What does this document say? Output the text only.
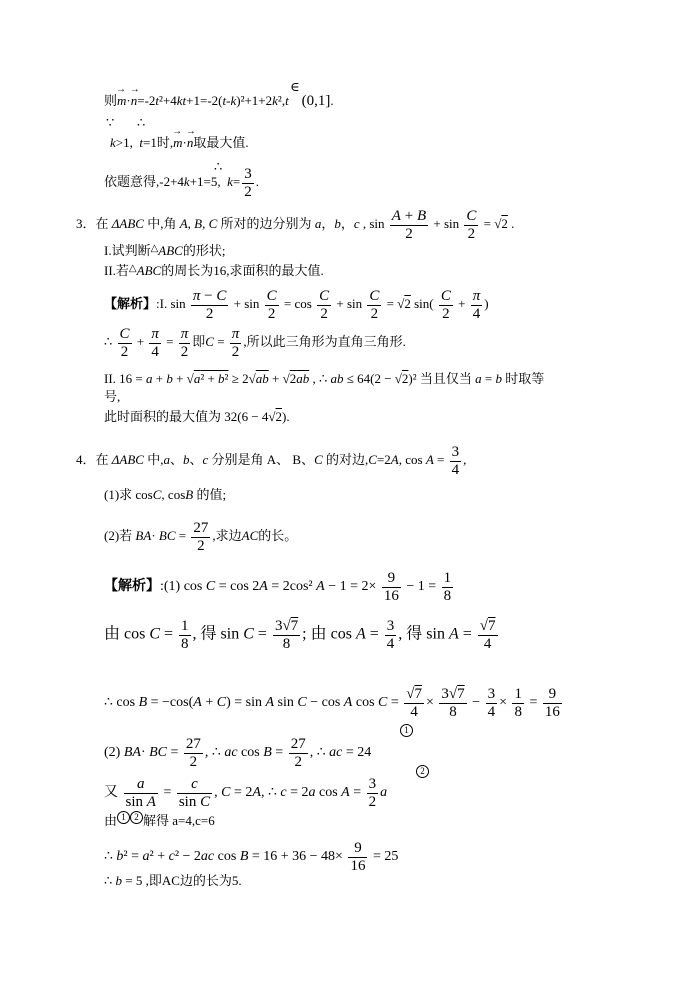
则→ m·→ n=-2t²+4kt+1=-2(t-k)²+1+2k²,t ∈(0,1].
∵       ∴
k>1,  t=1时,→ m·→ n取最大值.
∴
依题意得,-2+4k+1=5,  $k= \frac{3}{2}$ .
3．在 ΔABC 中,角 A, B, C 所对的边分别为 a，b，c , $\sin \frac{A + B}{2} + \sin \frac{C}{2} = √2$ .
I.试判断△ABC的形状;
II.若△ABC的周长为16,求面积的最大值.
【解析】:I. $\sin \frac{\pi - C}{2} + \sin \frac{C}{2} = \cos \frac{C}{2} + \sin \frac{C}{2} = √2$ $\sin( \frac{C}{2} + \frac{\pi}{4}$ )
∴ $\frac{C}{2} + \frac{\pi}{4} = \frac{\pi}{2}$ 即$C = \frac{\pi}{2}$ ,所以此三角形为直角三角形.
II. 16 = a + b + √a² + b² ≥ 2√ab + √2ab , ∴ ab ≤ 64(2 − √2)² 当且仅当 a = b 时取等
号,
此时面积的最大值为 32(6 − 4√2).
4．在 ΔABC 中,a、b、c 分别是角 A、 B、C 的对边,C=2A, $\cos A = \frac{3}{4}$ ,
(1)求 cosC, cosB 的值;
(2)若 BA· BC = $\frac{27}{2}$ ,求边AC的长。
【解析】:(1) cos C = cos 2A = 2cos² $A - 1 = 2\times \frac{9}{16} - 1 = \frac{1}{8}$
由 $\cos C = \frac{1}{8}$ , 得 $\sin C = \frac{3√7}{8}$ ; 由 $\cos A = \frac{3}{4}$ , 得 $\sin A = \frac{√7}{4}$
∴ cos B = −cos(A + C) = sin A sin C − cos A $\cos C = \frac{√7}{4} \times \frac{3√7}{8} - \frac{3}{4} \times \frac{1}{8} = \frac{9}{16}$
(2) BA· BC = $\frac{27}{2}$ , ∴ ac $\cos B = \frac{27}{2}$ , ∴ ac = 24
1
又 $\frac{a}{\text{sin A}} = \frac{c}{\text{sin C}}$ , C = 2A, ∴ c = 2a $\cos A = \frac{3}{2}$ a
2
由 1 2 解得 a=4,c=6
∴ b² = a² + c² − 2ac $\cos B = 16 + 36 - 48\times \frac{9}{16} = 25$
∴ b = 5 ,即AC边的长为5.
